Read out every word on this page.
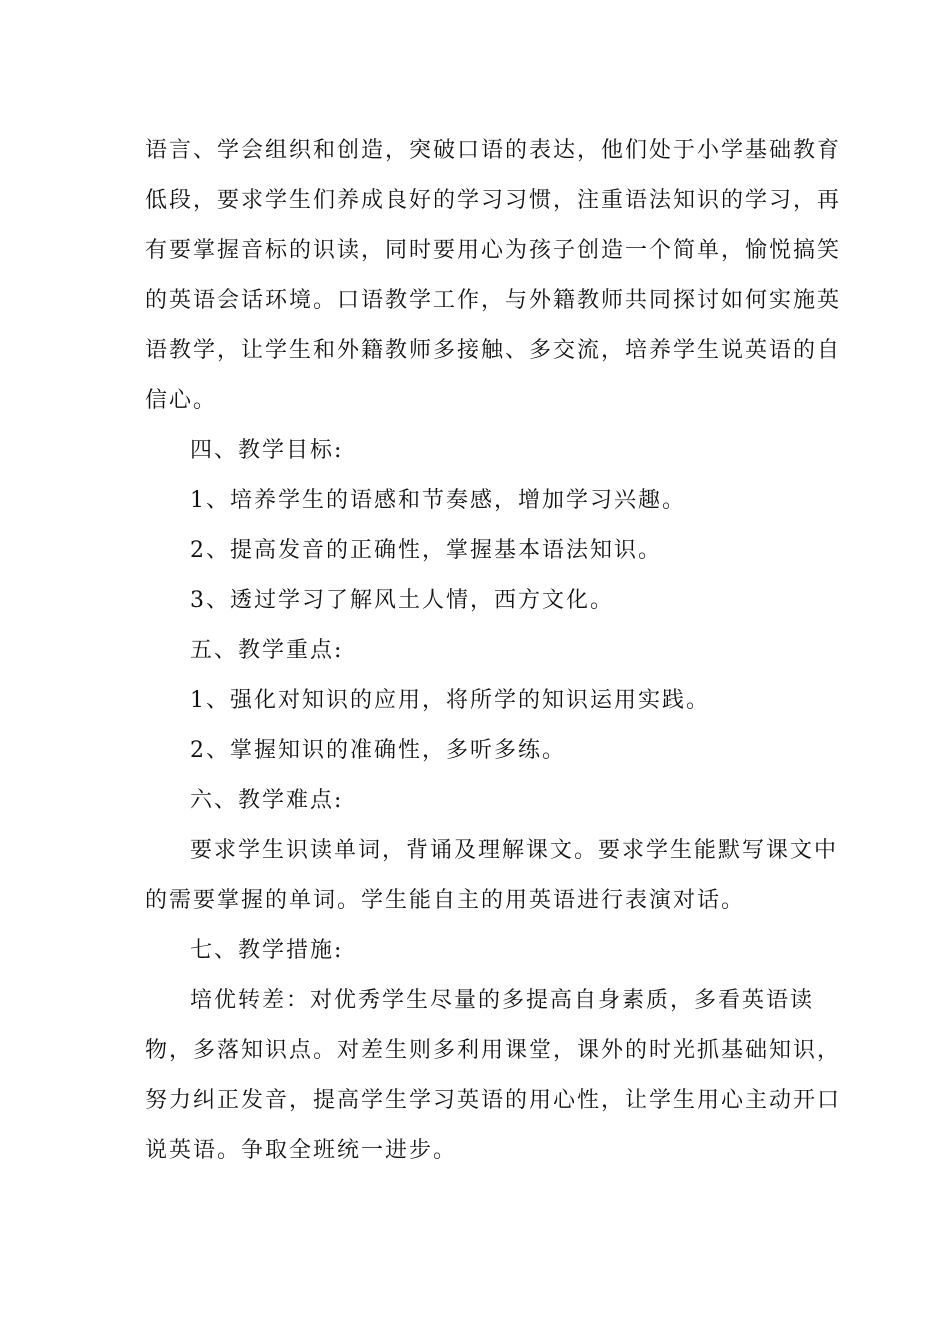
语言、学会组织和创造，突破口语的表达，他们处于小学基础教育

低段，要求学生们养成良好的学习习惯，注重语法知识的学习，再

有要掌握音标的识读，同时要用心为孩子创造一个简单，愉悦搞笑

的英语会话环境。口语教学工作，与外籍教师共同探讨如何实施英

语教学，让学生和外籍教师多接触、多交流，培养学生说英语的自

信心。

四、教学目标:

1、培养学生的语感和节奏感，增加学习兴趣。

2、提高发音的正确性，掌握基本语法知识。

3、透过学习了解风土人情，西方文化。

五、教学重点:

1、强化对知识的应用，将所学的知识运用实践。

2、掌握知识的准确性，多听多练。

六、教学难点:

要求学生识读单词，背诵及理解课文。要求学生能默写课文中

的需要掌握的单词。学生能自主的用英语进行表演对话。

七、教学措施:

培优转差：对优秀学生尽量的多提高自身素质，多看英语读

物，多落知识点。对差生则多利用课堂，课外的时光抓基础知识，

努力纠正发音，提高学生学习英语的用心性，让学生用心主动开口

说英语。争取全班统一进步。
